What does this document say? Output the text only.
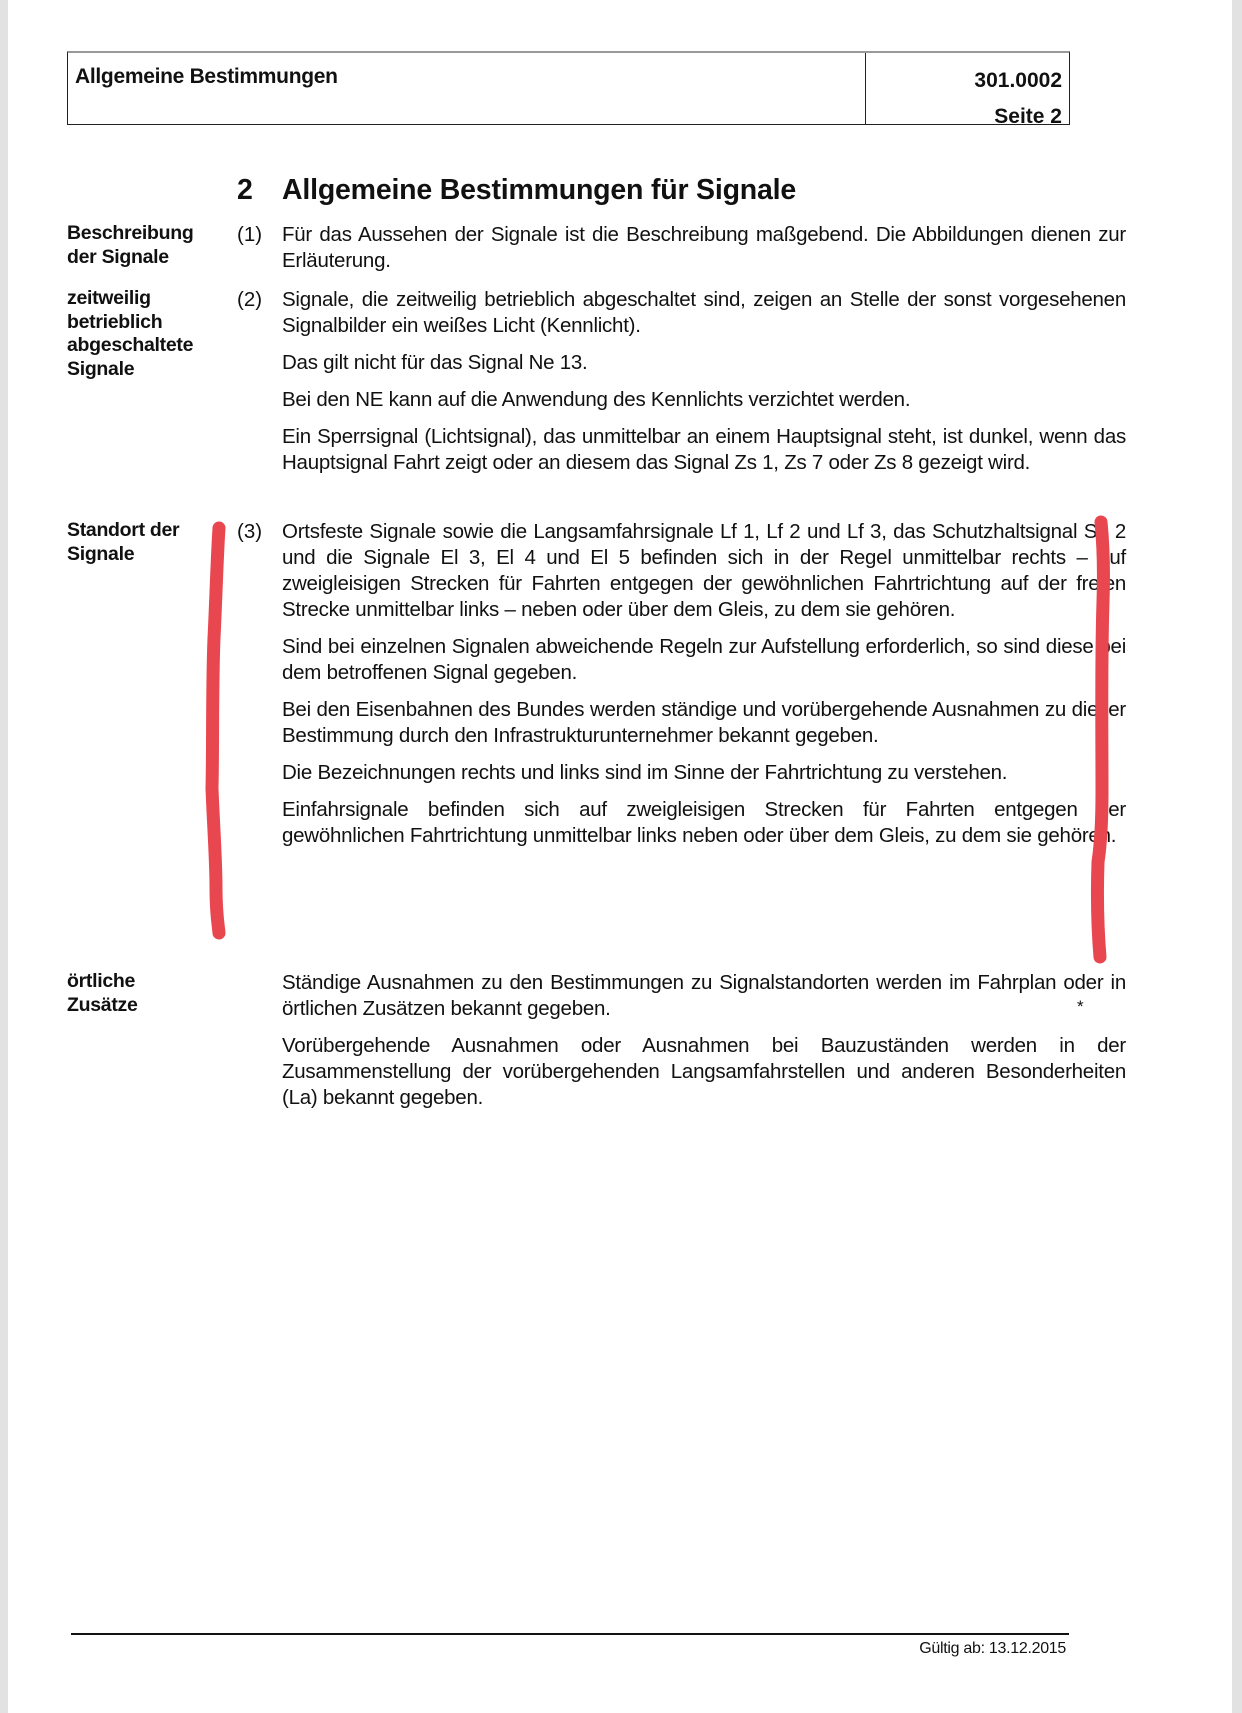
Allgemeine Bestimmungen	301.0002
Seite 2
2 Allgemeine Bestimmungen für Signale
Beschreibung der Signale
(1) Für das Aussehen der Signale ist die Beschreibung maßgebend. Die Abbildungen dienen zur Erläuterung.

zeitweilig betrieblich abgeschaltete Signale
(2) Signale, die zeitweilig betrieblich abgeschaltet sind, zeigen an Stelle der sonst vorgesehenen Signalbilder ein weißes Licht (Kennlicht).

Das gilt nicht für das Signal Ne 13.

Bei den NE kann auf die Anwendung des Kennlichts verzichtet werden.

Ein Sperrsignal (Lichtsignal), das unmittelbar an einem Hauptsignal steht, ist dunkel, wenn das Hauptsignal Fahrt zeigt oder an diesem das Signal Zs 1, Zs 7 oder Zs 8 gezeigt wird.

Standort der Signale
(3) Ortsfeste Signale sowie die Langsamfahrsignale Lf 1, Lf 2 und Lf 3, das Schutzhaltsignal Sh 2 und die Signale El 3, El 4 und El 5 befinden sich in der Regel unmittelbar rechts – auf zweigleisigen Strecken für Fahrten entgegen der gewöhnlichen Fahrtrichtung auf der freien Strecke unmittelbar links – neben oder über dem Gleis, zu dem sie gehören.

Sind bei einzelnen Signalen abweichende Regeln zur Aufstellung erforderlich, so sind diese bei dem betroffenen Signal gegeben.

Bei den Eisenbahnen des Bundes werden ständige und vorübergehende Ausnahmen zu dieser Bestimmung durch den Infrastrukturunternehmer bekannt gegeben.

Die Bezeichnungen rechts und links sind im Sinne der Fahrtrichtung zu verstehen.

Einfahrsignale befinden sich auf zweigleisigen Strecken für Fahrten entgegen der gewöhnlichen Fahrtrichtung unmittelbar links neben oder über dem Gleis, zu dem sie gehören.

örtliche Zusätze

Ständige Ausnahmen zu den Bestimmungen zu Signalstandorten werden im Fahrplan oder in örtlichen Zusätzen bekannt gegeben.

Vorübergehende Ausnahmen oder Ausnahmen bei Bauzuständen werden in der Zusammenstellung der vorübergehenden Langsamfahrstellen und anderen Besonderheiten (La) bekannt gegeben.

*
Gültig ab: 13.12.2015
